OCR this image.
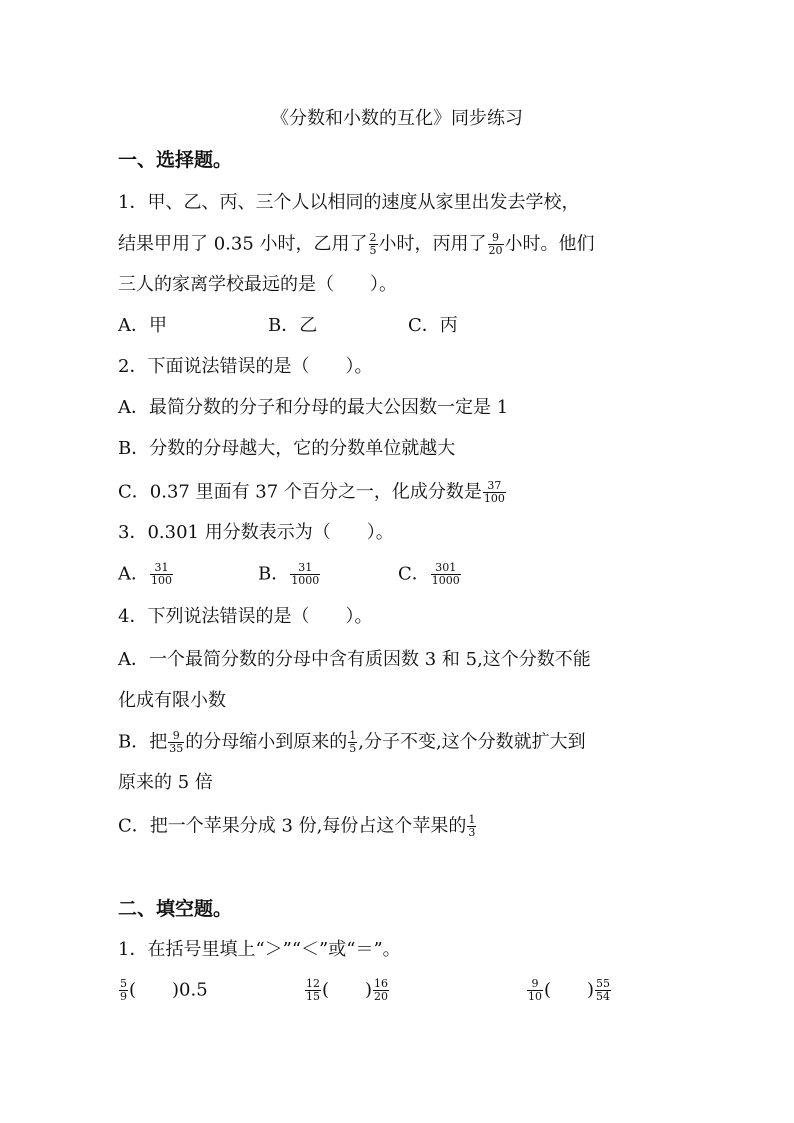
《分数和小数的互化》同步练习
一、选择题。
1．甲、乙、丙、三个人以相同的速度从家里出发去学校，
结果甲用了 0.35 小时，乙用了 $\frac{2}{5}$ 小时，丙用了 $\frac{9}{20}$ 小时。他们
三人的家离学校最远的是（　　）。
A．甲	B．乙	C．丙
2．下面说法错误的是（　　）。
A．最简分数的分子和分母的最大公因数一定是 1
B．分数的分母越大，它的分数单位就越大
C．0.37 里面有 37 个百分之一，化成分数是 $\frac{37}{100}$
3．0.301 用分数表示为（　　）。
A． $\frac{31}{100}$	B． $\frac{31}{1000}$	C． $\frac{301}{1000}$
4．下列说法错误的是（　　）。
A．一个最简分数的分母中含有质因数 3 和 5,这个分数不能
化成有限小数
B．把 $\frac{9}{35}$ 的分母缩小到原来的 $\frac{1}{5}$ ,分子不变,这个分数就扩大到
原来的 5 倍
C．把一个苹果分成 3 份,每份占这个苹果的 $\frac{1}{3}$
二、填空题。
1．在括号里填上“＞”“＜”或“＝”。
$\frac{5}{9}$ (　　)0.5	$\frac{12}{15}$ (　　) $\frac{16}{20}$	$\frac{9}{10}$ (　　) $\frac{55}{54}$
